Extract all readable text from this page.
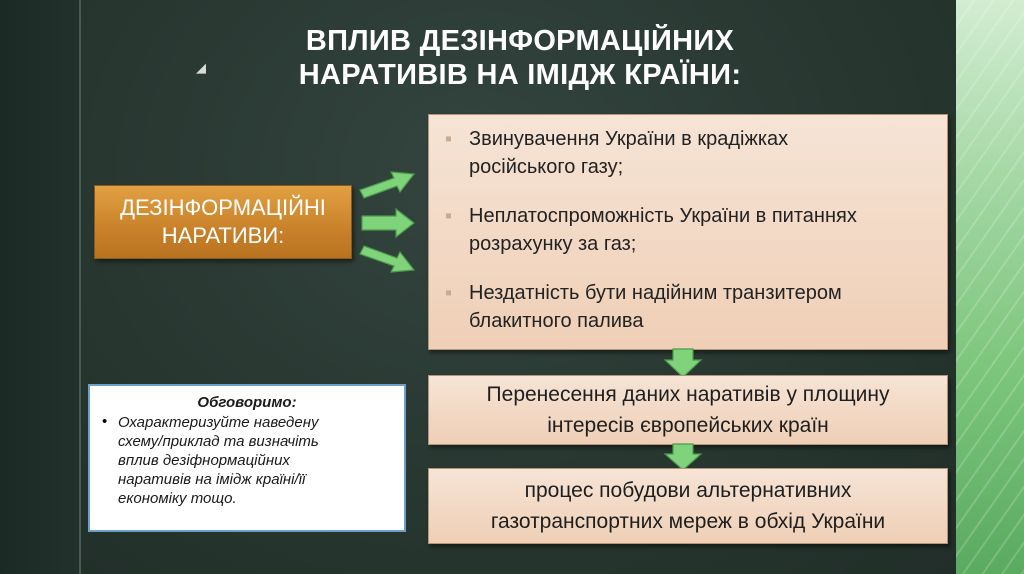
◢
ВПЛИВ ДЕЗІНФОРМАЦІЙНИХ
НАРАТИВІВ НА ІМІДЖ КРАЇНИ:
ДЕЗІНФОРМАЦІЙНІ
НАРАТИВИ:
▪ Звинувачення України в крадіжках
російського газу;
▪ Неплатоспроможність України в питаннях
розрахунку за газ;
▪ Нездатність бути надійним транзитером
блакитного палива
Перенесення даних наративів у площину
інтересів європейських країн
процес побудови альтернативних
газотранспортних мереж в обхід України
Обговоримо:
• Охарактеризуйте наведену
схему/приклад та визначіть
вплив дезіфнормаційних
наративів на імідж країні/її
економіку тощо.
